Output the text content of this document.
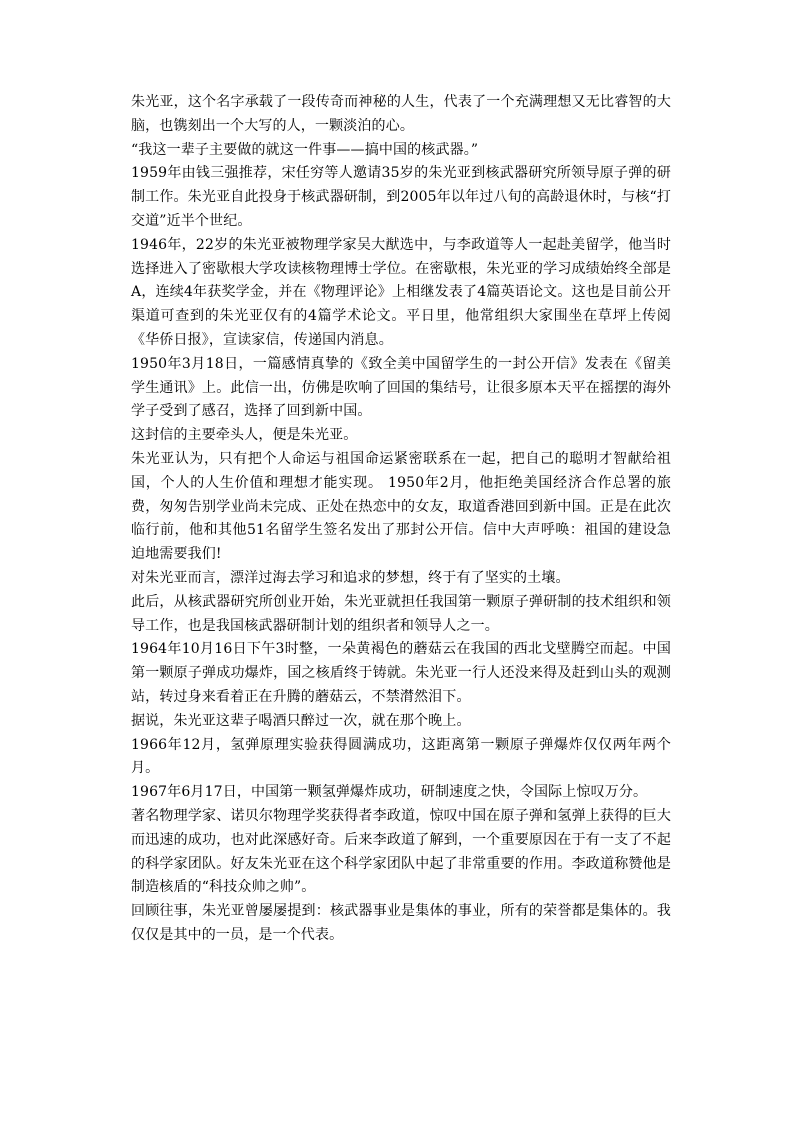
朱光亚，这个名字承载了一段传奇而神秘的人生，代表了一个充满理想又无比睿智的大脑，也镌刻出一个大写的人，一颗淡泊的心。

“我这一辈子主要做的就这一件事——搞中国的核武器。”

1959年由钱三强推荐，宋任穷等人邀请35岁的朱光亚到核武器研究所领导原子弹的研制工作。朱光亚自此投身于核武器研制，到2005年以年过八旬的高龄退休时，与核“打交道”近半个世纪。

1946年，22岁的朱光亚被物理学家吴大猷选中，与李政道等人一起赴美留学，他当时选择进入了密歇根大学攻读核物理博士学位。在密歇根，朱光亚的学习成绩始终全部是A，连续4年获奖学金，并在《物理评论》上相继发表了4篇英语论文。这也是目前公开渠道可查到的朱光亚仅有的4篇学术论文。平日里，他常组织大家围坐在草坪上传阅《华侨日报》，宣读家信，传递国内消息。

1950年3月18日，一篇感情真挚的《致全美中国留学生的一封公开信》发表在《留美学生通讯》上。此信一出，仿佛是吹响了回国的集结号，让很多原本天平在摇摆的海外学子受到了感召，选择了回到新中国。

这封信的主要牵头人，便是朱光亚。

朱光亚认为，只有把个人命运与祖国命运紧密联系在一起，把自己的聪明才智献给祖国，个人的人生价值和理想才能实现。 1950年2月，他拒绝美国经济合作总署的旅费，匆匆告别学业尚未完成、正处在热恋中的女友，取道香港回到新中国。正是在此次临行前，他和其他51名留学生签名发出了那封公开信。信中大声呼唤：祖国的建设急迫地需要我们!

对朱光亚而言，漂洋过海去学习和追求的梦想，终于有了坚实的土壤。

此后，从核武器研究所创业开始，朱光亚就担任我国第一颗原子弹研制的技术组织和领导工作，也是我国核武器研制计划的组织者和领导人之一。

1964年10月16日下午3时整，一朵黄褐色的蘑菇云在我国的西北戈壁腾空而起。中国第一颗原子弹成功爆炸，国之核盾终于铸就。朱光亚一行人还没来得及赶到山头的观测站，转过身来看着正在升腾的蘑菇云，不禁潸然泪下。

据说，朱光亚这辈子喝酒只醉过一次，就在那个晚上。

1966年12月，氢弹原理实验获得圆满成功，这距离第一颗原子弹爆炸仅仅两年两个月。

1967年6月17日，中国第一颗氢弹爆炸成功，研制速度之快，令国际上惊叹万分。

著名物理学家、诺贝尔物理学奖获得者李政道，惊叹中国在原子弹和氢弹上获得的巨大而迅速的成功，也对此深感好奇。后来李政道了解到，一个重要原因在于有一支了不起的科学家团队。好友朱光亚在这个科学家团队中起了非常重要的作用。李政道称赞他是制造核盾的“科技众帅之帅”。

回顾往事，朱光亚曾屡屡提到：核武器事业是集体的事业，所有的荣誉都是集体的。我仅仅是其中的一员，是一个代表。
